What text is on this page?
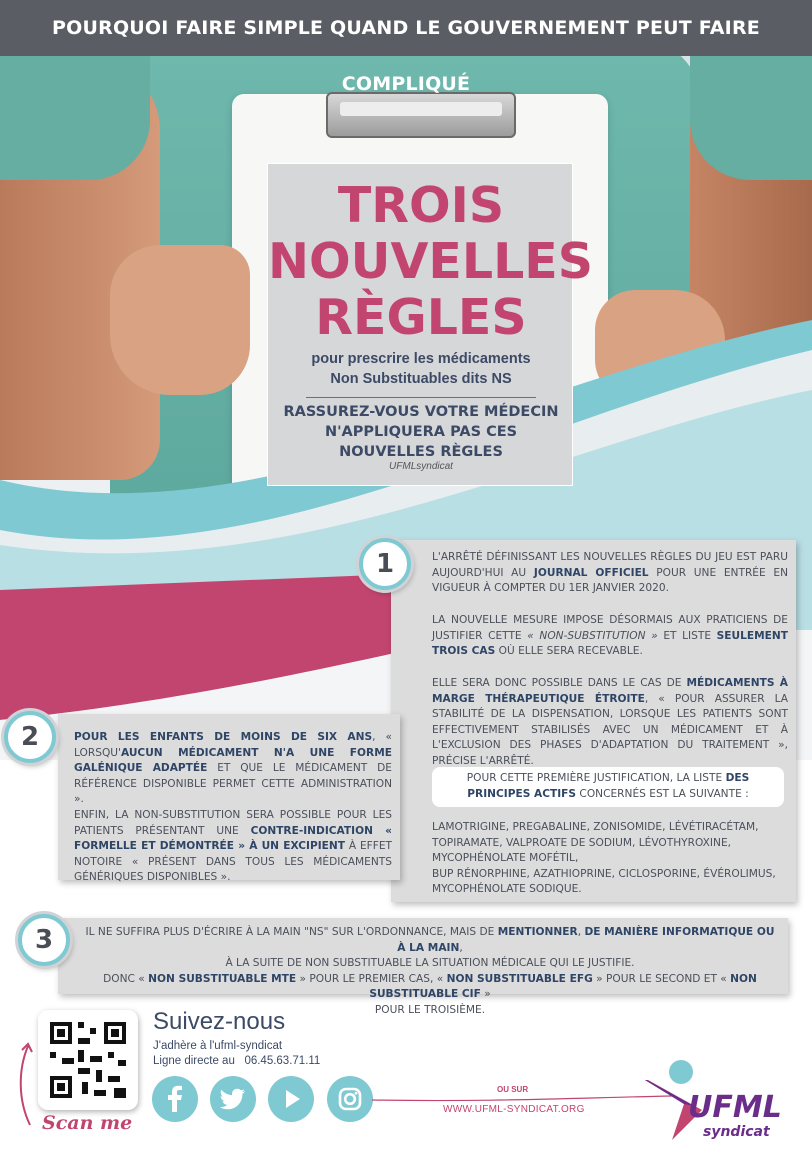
POURQUOI FAIRE SIMPLE QUAND LE GOUVERNEMENT PEUT FAIRE COMPLIQUÉ
TROIS
NOUVELLES
RÈGLES
pour prescrire les médicaments
Non Substituables dits NS
RASSUREZ-VOUS VOTRE MÉDECIN
N'APPLIQUERA PAS CES
NOUVELLES RÈGLES
UFMLsyndicat
1	L'ARRÊTÉ DÉFINISSANT LES NOUVELLES RÈGLES DU JEU EST PARU AUJOURD'HUI AU JOURNAL OFFICIEL POUR UNE ENTRÉE EN VIGUEUR À COMPTER DU 1ER JANVIER 2020.
LA NOUVELLE MESURE IMPOSE DÉSORMAIS AUX PRATICIENS DE JUSTIFIER CETTE « NON-SUBSTITUTION » ET LISTE SEULEMENT TROIS CAS OÙ ELLE SERA RECEVABLE.
ELLE SERA DONC POSSIBLE DANS LE CAS DE MÉDICAMENTS À MARGE THÉRAPEUTIQUE ÉTROITE, « POUR ASSURER LA STABILITÉ DE LA DISPENSATION, LORSQUE LES PATIENTS SONT EFFECTIVEMENT STABILISÉS AVEC UN MÉDICAMENT ET À L'EXCLUSION DES PHASES D'ADAPTATION DU TRAITEMENT », PRÉCISE L'ARRÊTÉ.
POUR CETTE PREMIÈRE JUSTIFICATION, LA LISTE DES PRINCIPES ACTIFS CONCERNÉS EST LA SUIVANTE :
LAMOTRIGINE, PREGABALINE, ZONISOMIDE, LÉVÉTIRACÉTAM, TOPIRAMATE, VALPROATE DE SODIUM, LÉVOTHYROXINE, MYCOPHÉNOLATE MOFÉTIL,
BUP RÉNORPHINE, AZATHIOPRINE, CICLOSPORINE, ÉVÉROLIMUS, MYCOPHÉNOLATE SODIQUE.
2	POUR LES ENFANTS DE MOINS DE SIX ANS, « LORSQU'AUCUN MÉDICAMENT N'A UNE FORME GALÉNIQUE ADAPTÉE ET QUE LE MÉDICAMENT DE RÉFÉRENCE DISPONIBLE PERMET CETTE ADMINISTRATION ».
ENFIN, LA NON-SUBSTITUTION SERA POSSIBLE POUR LES PATIENTS PRÉSENTANT UNE CONTRE-INDICATION « FORMELLE ET DÉMONTRÉE » À UN EXCIPIENT À EFFET NOTOIRE « PRÉSENT DANS TOUS LES MÉDICAMENTS GÉNÉRIQUES DISPONIBLES ».
3	IL NE SUFFIRA PLUS D'ÉCRIRE À LA MAIN "NS" SUR L'ORDONNANCE, MAIS DE MENTIONNER, DE MANIÈRE INFORMATIQUE OU À LA MAIN,
À LA SUITE DE NON SUBSTITUABLE LA SITUATION MÉDICALE QUI LE JUSTIFIE.
DONC « NON SUBSTITUABLE MTE » POUR LE PREMIER CAS, « NON SUBSTITUABLE EFG » POUR LE SECOND ET « NON SUBSTITUABLE CIF »
POUR LE TROISIÈME.
Scan me
Suivez-nous
J'adhère à l'ufml-syndicat
Ligne directe au 06.45.63.71.11
OU SUR
WWW.UFML-SYNDICAT.ORG	UFML
syndicat
